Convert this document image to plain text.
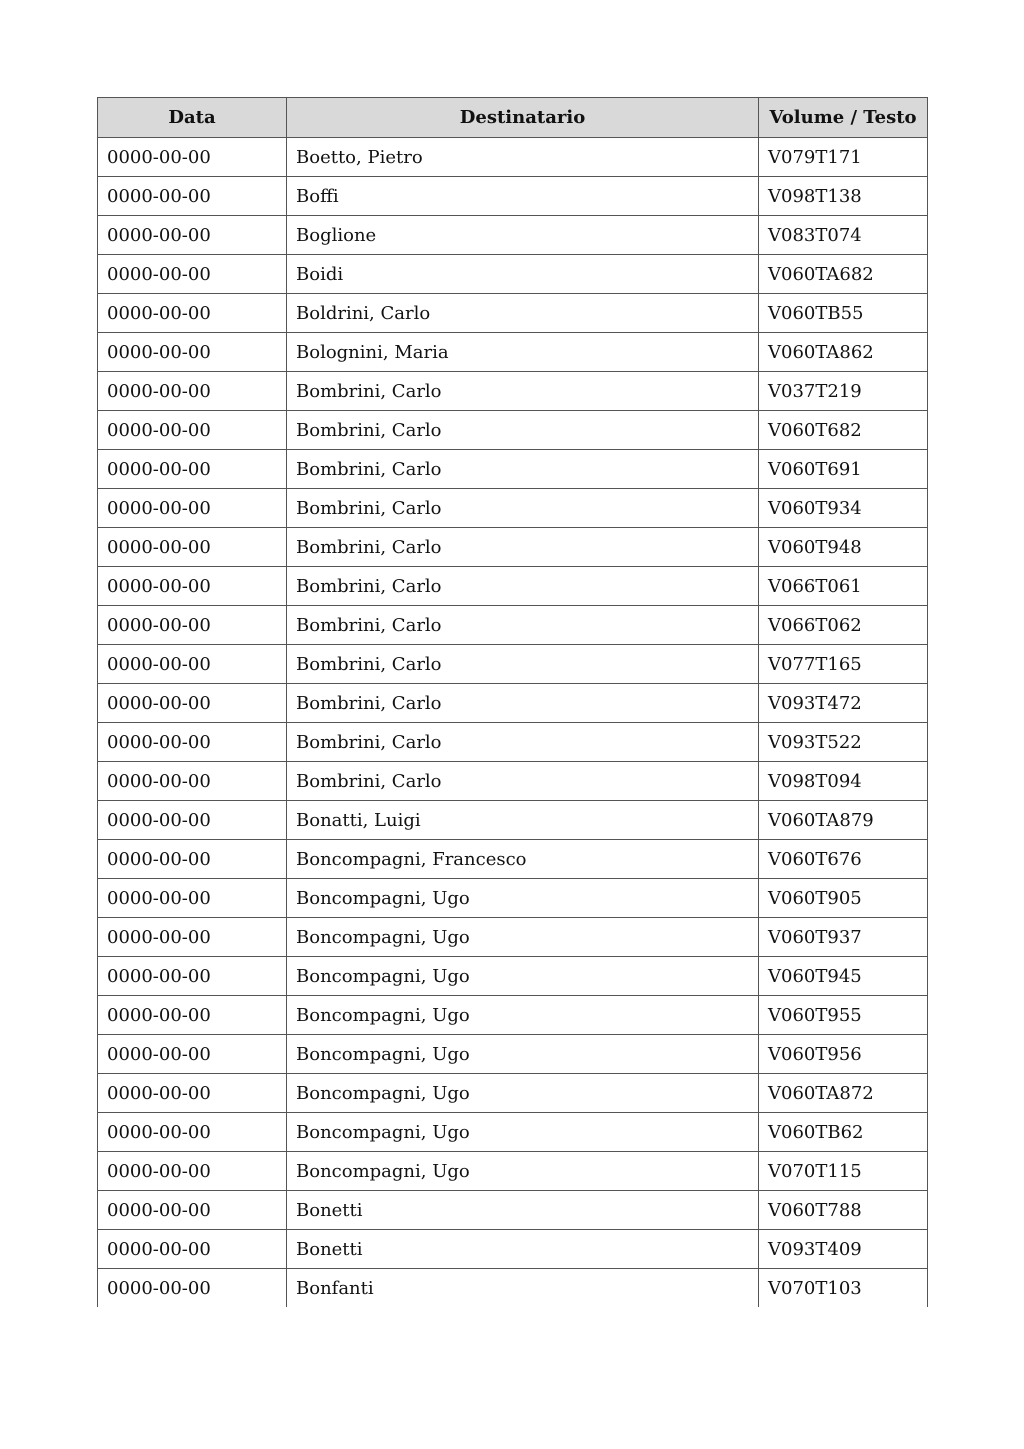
Data	Destinatario	Volume / Testo
0000-00-00	Boetto, Pietro	V079T171
0000-00-00	Boffi	V098T138
0000-00-00	Boglione	V083T074
0000-00-00	Boidi	V060TA682
0000-00-00	Boldrini, Carlo	V060TB55
0000-00-00	Bolognini, Maria	V060TA862
0000-00-00	Bombrini, Carlo	V037T219
0000-00-00	Bombrini, Carlo	V060T682
0000-00-00	Bombrini, Carlo	V060T691
0000-00-00	Bombrini, Carlo	V060T934
0000-00-00	Bombrini, Carlo	V060T948
0000-00-00	Bombrini, Carlo	V066T061
0000-00-00	Bombrini, Carlo	V066T062
0000-00-00	Bombrini, Carlo	V077T165
0000-00-00	Bombrini, Carlo	V093T472
0000-00-00	Bombrini, Carlo	V093T522
0000-00-00	Bombrini, Carlo	V098T094
0000-00-00	Bonatti, Luigi	V060TA879
0000-00-00	Boncompagni, Francesco	V060T676
0000-00-00	Boncompagni, Ugo	V060T905
0000-00-00	Boncompagni, Ugo	V060T937
0000-00-00	Boncompagni, Ugo	V060T945
0000-00-00	Boncompagni, Ugo	V060T955
0000-00-00	Boncompagni, Ugo	V060T956
0000-00-00	Boncompagni, Ugo	V060TA872
0000-00-00	Boncompagni, Ugo	V060TB62
0000-00-00	Boncompagni, Ugo	V070T115
0000-00-00	Bonetti	V060T788
0000-00-00	Bonetti	V093T409
0000-00-00	Bonfanti	V070T103
